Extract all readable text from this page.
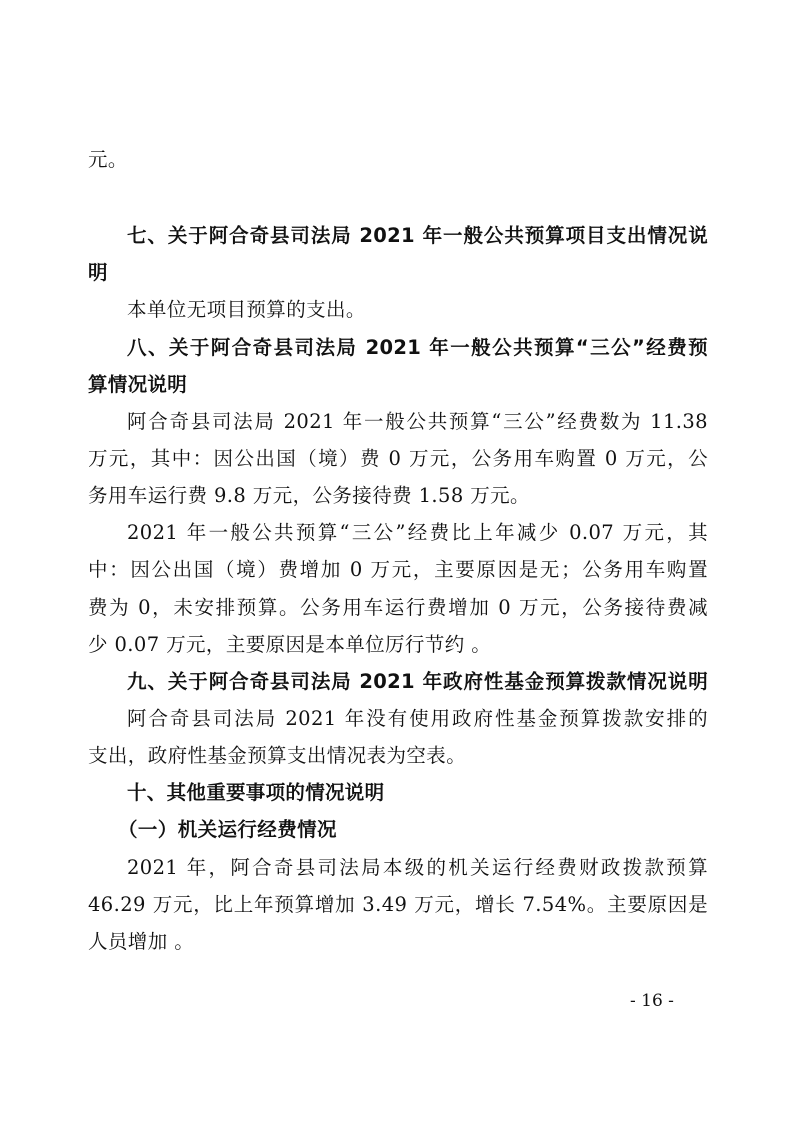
元。
七、关于阿合奇县司法局 2021 年一般公共预算项目支出情况说
明
本单位无项目预算的支出。
八、关于阿合奇县司法局 2021 年一般公共预算“三公”经费预
算情况说明
阿合奇县司法局 2021 年一般公共预算“三公”经费数为 11.38
万元，其中：因公出国（境）费 0 万元，公务用车购置 0 万元，公
务用车运行费 9.8 万元，公务接待费 1.58 万元。
2021 年一般公共预算“三公”经费比上年减少 0.07 万元，其
中：因公出国（境）费增加 0 万元，主要原因是无；公务用车购置
费为 0，未安排预算。公务用车运行费增加 0 万元，公务接待费减
少 0.07 万元，主要原因是本单位厉行节约 。
九、关于阿合奇县司法局 2021 年政府性基金预算拨款情况说明
阿合奇县司法局 2021 年没有使用政府性基金预算拨款安排的
支出，政府性基金预算支出情况表为空表。
十、其他重要事项的情况说明
（一）机关运行经费情况
2021 年，阿合奇县司法局本级的机关运行经费财政拨款预算
46.29 万元，比上年预算增加 3.49 万元，增长 7.54%。主要原因是
人员增加 。
- 16 -
